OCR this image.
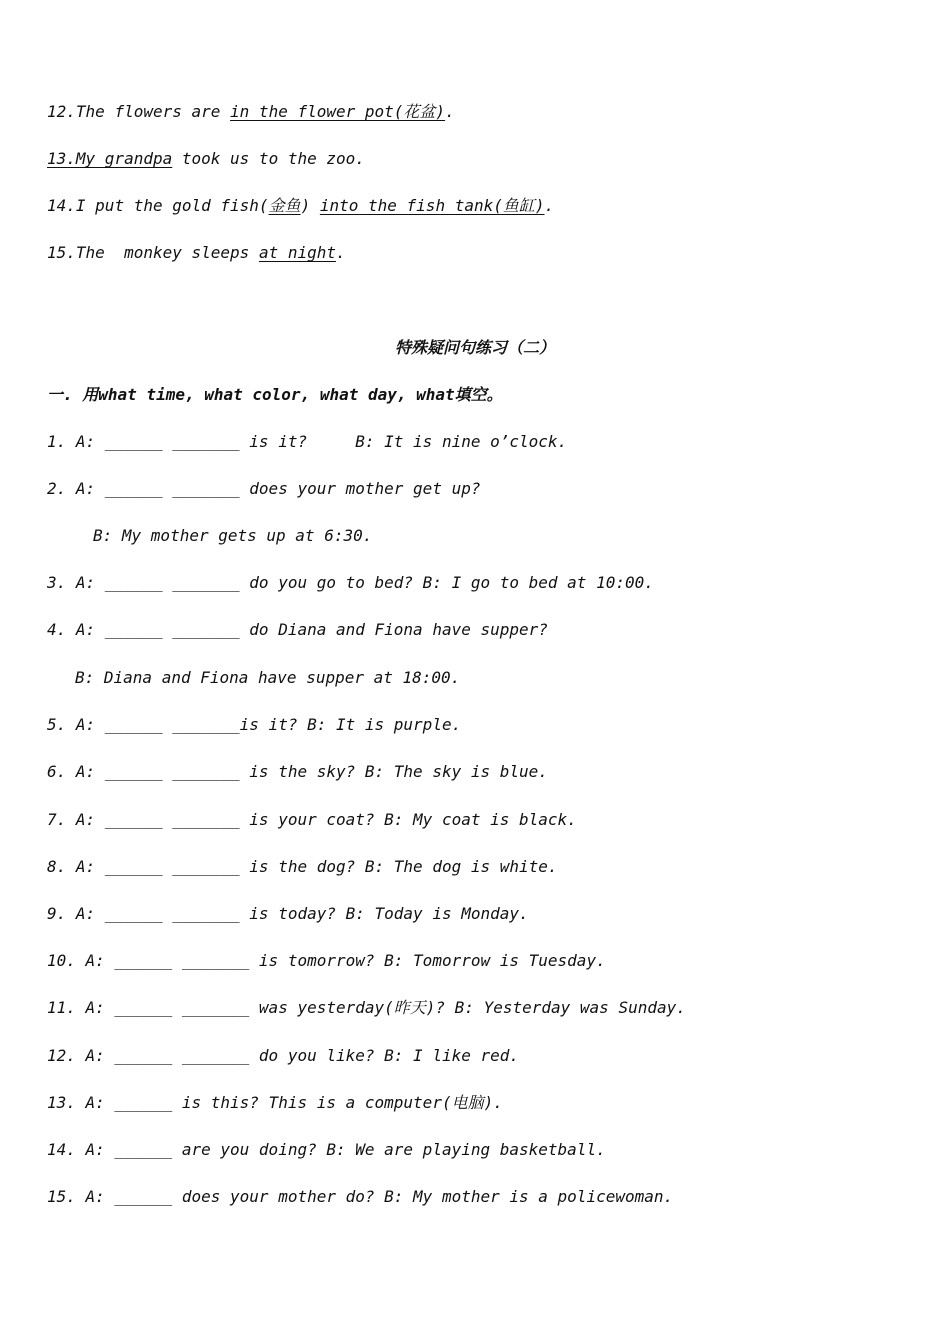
12.The flowers are in the flower pot(花盆).
13.My grandpa took us to the zoo.
14.I put the gold fish(金鱼) into the fish tank(鱼缸).
15.The  monkey sleeps at night.
特殊疑问句练习（二）
一. 用what time, what color, what day, what填空。
1. A: ______ _______ is it?     B: It is nine o’clock.
2. A: ______ _______ does your mother get up?
B: My mother gets up at 6:30.
3. A: ______ _______ do you go to bed? B: I go to bed at 10:00.
4. A: ______ _______ do Diana and Fiona have supper?
B: Diana and Fiona have supper at 18:00.
5. A: ______ _______is it? B: It is purple.
6. A: ______ _______ is the sky? B: The sky is blue.
7. A: ______ _______ is your coat? B: My coat is black.
8. A: ______ _______ is the dog? B: The dog is white.
9. A: ______ _______ is today? B: Today is Monday.
10. A: ______ _______ is tomorrow? B: Tomorrow is Tuesday.
11. A: ______ _______ was yesterday(昨天)? B: Yesterday was Sunday.
12. A: ______ _______ do you like? B: I like red.
13. A: ______ is this? This is a computer(电脑).
14. A: ______ are you doing? B: We are playing basketball.
15. A: ______ does your mother do? B: My mother is a policewoman.
